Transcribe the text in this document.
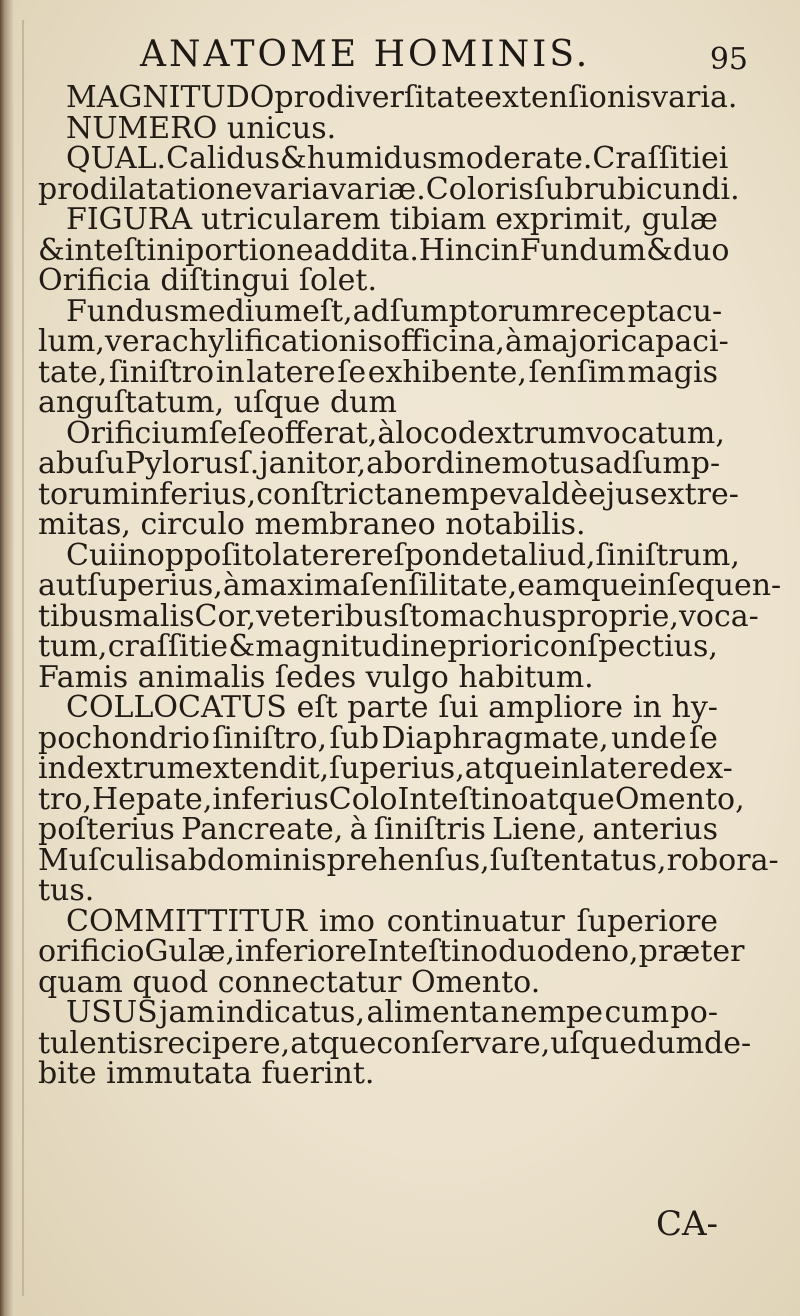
ANATOME HOMINIS.	95
MAGNITUDO pro diverſitate extenſionis varia.
NUMERO unicus.
QUAL. Calidus & humidus moderate. Craſſitiei
pro dilatatione varia variæ. Coloris ſubrubicundi.
FIGURA utricularem tibiam exprimit, gulæ
& inteſtini portione addita. Hinc in Fundum & duo
Orificia diſtingui ſolet.
Fundus medium eſt, adſumptorum receptacu-
lum, vera chylificationis officina, à majori capaci-
tate, ſiniſtro in latere ſe exhibente, ſenſim magis
anguſtatum, uſque dum
Orificium ſeſe offerat, à loco dextrum vocatum,
ab uſu Pylorus ſ. janitor, ab ordine motus adſump-
torum inferius, conſtricta nempe valdè ejus extre-
mitas, circulo membraneo notabilis.
Cui in oppoſito latere reſpondet aliud, ſiniſtrum,
aut ſuperius, à maxima ſenſilitate, eamque inſequen-
tibus malis Cor, veteribus ſtomachus proprie, voca-
tum, craſſitie & magnitudine priori conſpectius,
Famis animalis ſedes vulgo habitum.
COLLOCATUS eſt parte ſui ampliore in hy-
pochondrio ſiniſtro, ſub Diaphragmate, unde ſe
in dextrum extendit, ſuperius, atque in latere dex-
tro, Hepate, inferius Colo Inteſtino atque Omento,
poſterius Pancreate, à ſiniſtris Liene, anterius
Muſculis abdominis prehenſus, ſuſtentatus, robora-
tus.
COMMITTITUR imo continuatur ſuperiore
orificio Gulæ, inferiore Inteſtino duodeno, præter
quam quod connectatur Omento.
USUS jam indicatus, alimenta nempe cum po-
tulentis recipere, atque conſervare, uſque dum de-
bite immutata fuerint.
CA-
